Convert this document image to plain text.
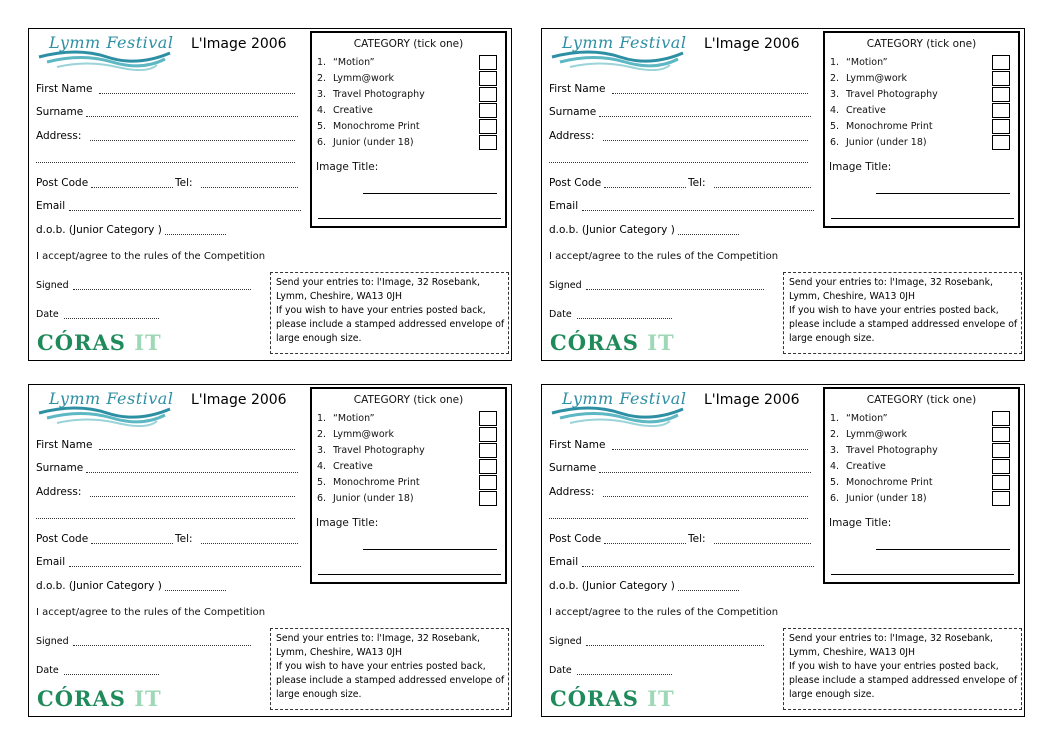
Lymm Festival L'Image 2006
First Name
Surname
Address:
Post Code	Tel:
Email
d.o.b. (Junior Category )
I accept/agree to the rules of the Competition
Signed
Date
CÓRAS IT
CATEGORY (tick one)
1. “Motion”
2. Lymm@work
3. Travel Photography
4. Creative
5. Monochrome Print
6. Junior (under 18)
Image Title:
Send your entries to: l'Image, 32 Rosebank,
Lymm, Cheshire, WA13 0JH
If you wish to have your entries posted back,
please include a stamped addressed envelope of
large enough size.
Lymm Festival L'Image 2006
First Name
Surname
Address:
Post Code	Tel:
Email
d.o.b. (Junior Category )
I accept/agree to the rules of the Competition
Signed
Date
CÓRAS IT
CATEGORY (tick one)
1. “Motion”
2. Lymm@work
3. Travel Photography
4. Creative
5. Monochrome Print
6. Junior (under 18)
Image Title:
Send your entries to: l'Image, 32 Rosebank,
Lymm, Cheshire, WA13 0JH
If you wish to have your entries posted back,
please include a stamped addressed envelope of
large enough size.
Lymm Festival L'Image 2006
First Name
Surname
Address:
Post Code	Tel:
Email
d.o.b. (Junior Category )
I accept/agree to the rules of the Competition
Signed
Date
CÓRAS IT
CATEGORY (tick one)
1. “Motion”
2. Lymm@work
3. Travel Photography
4. Creative
5. Monochrome Print
6. Junior (under 18)
Image Title:
Send your entries to: l'Image, 32 Rosebank,
Lymm, Cheshire, WA13 0JH
If you wish to have your entries posted back,
please include a stamped addressed envelope of
large enough size.
Lymm Festival L'Image 2006
First Name
Surname
Address:
Post Code	Tel:
Email
d.o.b. (Junior Category )
I accept/agree to the rules of the Competition
Signed
Date
CÓRAS IT
CATEGORY (tick one)
1. “Motion”
2. Lymm@work
3. Travel Photography
4. Creative
5. Monochrome Print
6. Junior (under 18)
Image Title:
Send your entries to: l'Image, 32 Rosebank,
Lymm, Cheshire, WA13 0JH
If you wish to have your entries posted back,
please include a stamped addressed envelope of
large enough size.
